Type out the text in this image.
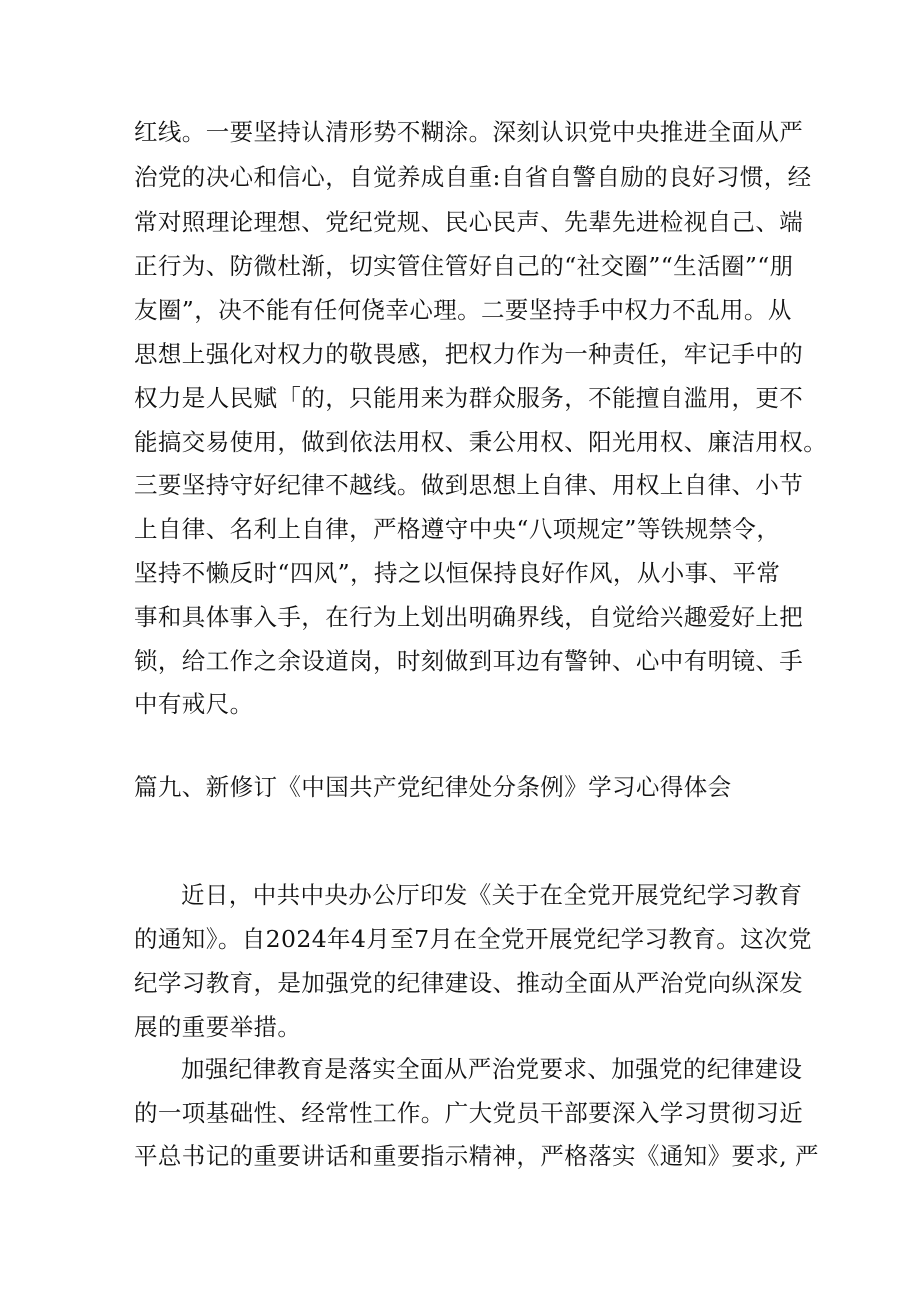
红线。一要坚持认清形势不糊涂。深刻认识党中央推进全面从严
治党的决心和信心，自觉养成自重:自省自警自励的良好习惯，经
常对照理论理想、党纪党规、民心民声、先辈先进检视自己、端
正行为、防微杜渐，切实管住管好自己的“社交圈”“生活圈”“朋
友圈”，决不能有任何侥幸心理。二要坚持手中权力不乱用。从
思想上强化对权力的敬畏感，把权力作为一种责任，牢记手中的
权力是人民赋「的，只能用来为群众服务，不能擅自滥用，更不
能搞交易使用，做到依法用权、秉公用权、阳光用权、廉洁用权。
三要坚持守好纪律不越线。做到思想上自律、用权上自律、小节
上自律、名利上自律，严格遵守中央“八项规定”等铁规禁令，
坚持不懒反时“四风”，持之以恒保持良好作风，从小事、平常
事和具体事入手，在行为上划出明确界线，自觉给兴趣爱好上把
锁，给工作之余设道岗，时刻做到耳边有警钟、心中有明镜、手
中有戒尺。
篇九、新修订《中国共产党纪律处分条例》学习心得体会
近日，中共中央办公厅印发《关于在全党开展党纪学习教育
的通知》。自2024年4月至7月在全党开展党纪学习教育。这次党
纪学习教育，是加强党的纪律建设、推动全面从严治党向纵深发
展的重要举措。
加强纪律教育是落实全面从严治党要求、加强党的纪律建设
的一项基础性、经常性工作。广大党员干部要深入学习贯彻习近
平总书记的重要讲话和重要指示精神，严格落实《通知》要求, 严
